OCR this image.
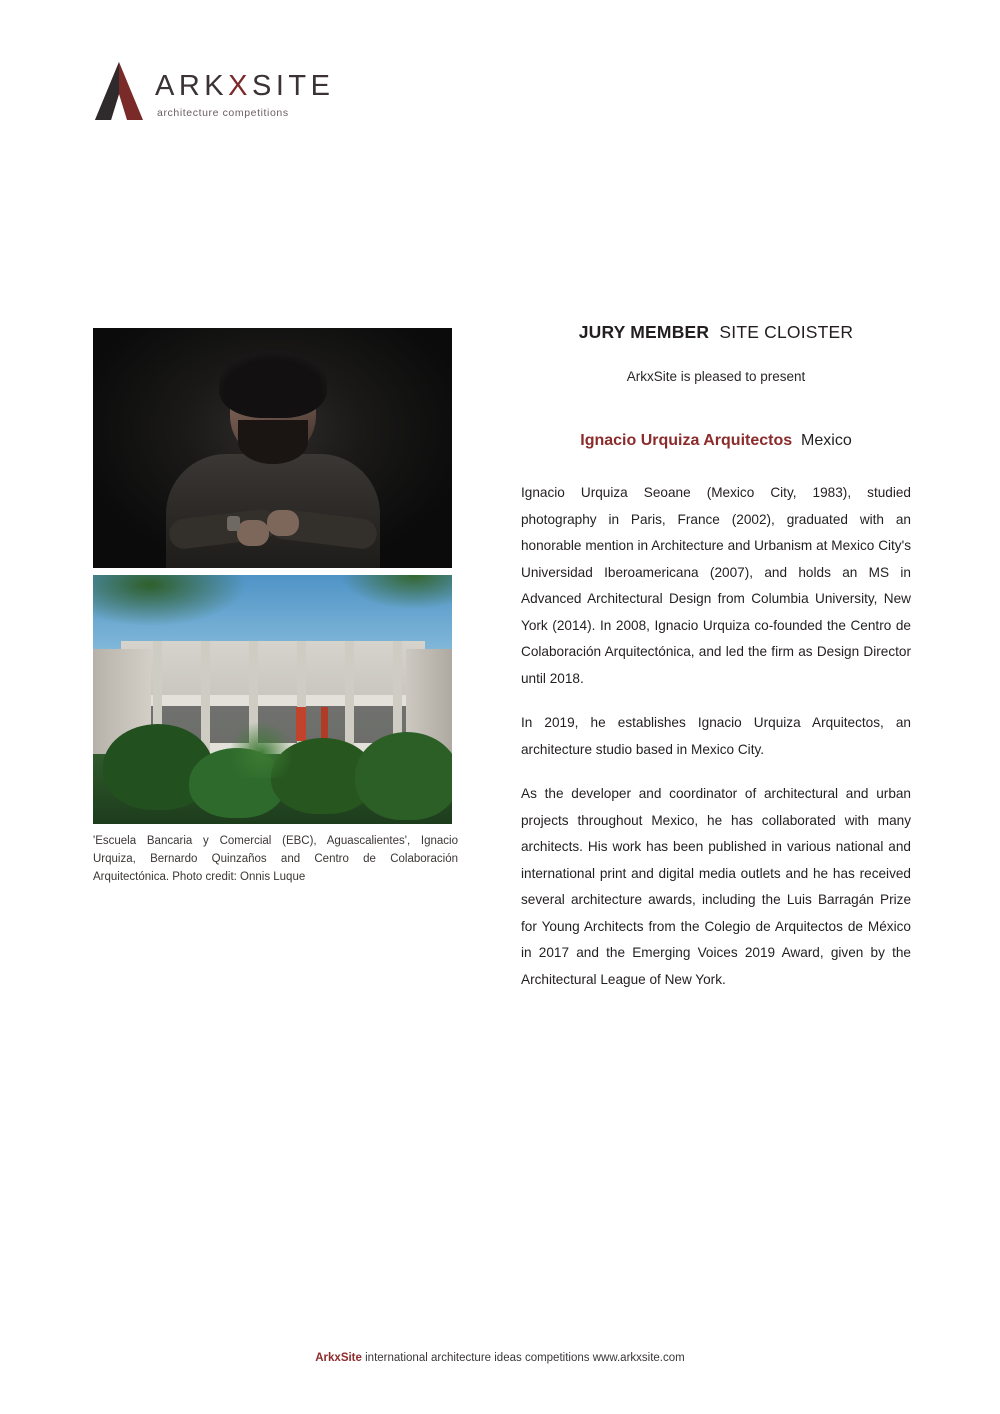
ARKXSITE
architecture competitions
'Escuela Bancaria y Comercial (EBC), Aguascalientes', Ignacio Urquiza, Bernardo Quinzaños and Centro de Colaboración Arquitectónica. Photo credit: Onnis Luque
JURY MEMBER SITE CLOISTER
ArkxSite is pleased to present
Ignacio Urquiza Arquitectos Mexico

Ignacio Urquiza Seoane (Mexico City, 1983), studied photography in Paris, France (2002), graduated with an honorable mention in Architecture and Urbanism at Mexico City's Universidad Iberoamericana (2007), and holds an MS in Advanced Architectural Design from Columbia University, New York (2014). In 2008, Ignacio Urquiza co-founded the Centro de Colaboración Arquitectónica, and led the firm as Design Director until 2018.

In 2019, he establishes Ignacio Urquiza Arquitectos, an architecture studio based in Mexico City.

As the developer and coordinator of architectural and urban projects throughout Mexico, he has collaborated with many architects. His work has been published in various national and international print and digital media outlets and he has received several architecture awards, including the Luis Barragán Prize for Young Architects from the Colegio de Arquitectos de México in 2017 and the Emerging Voices 2019 Award, given by the Architectural League of New York.

ArkxSite international architecture ideas competitions www.arkxsite.com
